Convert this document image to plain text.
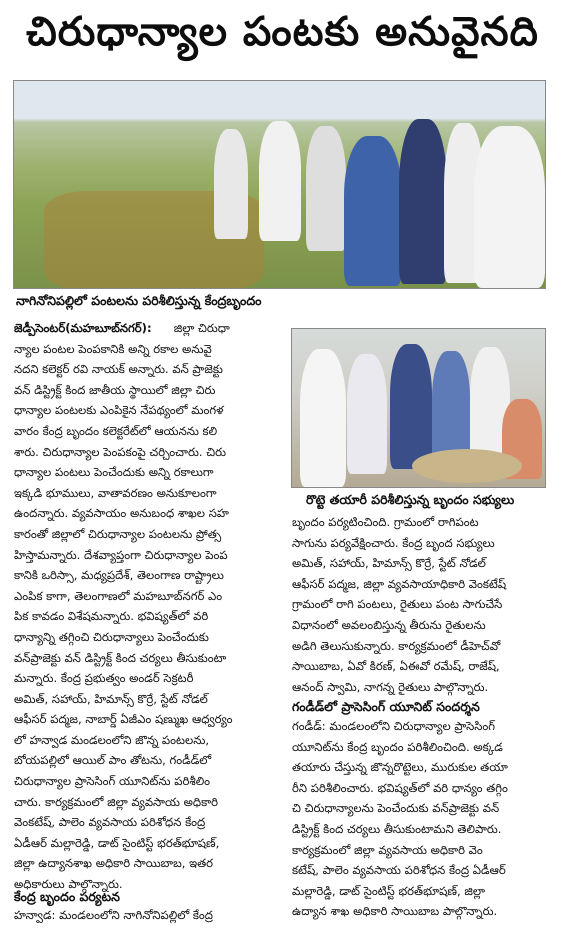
చిరుధాన్యాల పంటకు అనువైనది
నాగినోనిపల్లిలో పంటలను పరిశీలిస్తున్న కేంద్రబృందం
రొట్టె తయారీ పరిశీలిస్తున్న బృందం సభ్యులు

జెడ్పీసెంటర్(మహబూబ్‌నగర్): జిల్లా చిరుధా

న్యాల పంటల పెంపకానికి అన్ని రకాల అనువై

నదని కలెక్టర్ రవి నాయక్ అన్నారు. వన్ ప్రాజెక్టు

వన్ డిస్ట్రిక్ట్ కింద జాతీయ స్థాయిలో జిల్లా చిరు

ధాన్యాల పంటలకు ఎంపికైన నేపథ్యంలో మంగళ

వారం కేంద్ర బృందం కలెక్టరేట్‌లో ఆయనను కలి

శారు. చిరుధాన్యాల పెంపకంపై చర్చించారు. చిరు

ధాన్యాల పంటలు పెంచేందుకు అన్ని రకాలుగా

ఇక్కడి భూములు, వాతావరణం అనుకూలంగా

ఉందన్నారు. వ్యవసాయం అనుబంధ శాఖల సహ

కారంతో జిల్లాలో చిరుధాన్యాల పంటలను ప్రోత్స

హిస్తామన్నారు. దేశవ్యాప్తంగా చిరుధాన్యాల పెంప

కానికి ఒరిస్సా, మధ్యప్రదేశ్, తెలంగాణ రాష్ట్రాలు

ఎంపిక కాగా, తెలంగాణలో మహబూబ్‌నగర్ ఎం

పిక కావడం విశేషమన్నారు. భవిష్యత్‌లో వరి

ధాన్యాన్ని తగ్గించి చిరుధాన్యాలు పెంచేందుకు

వన్‌ప్రాజెక్టు వన్ డిస్ట్రిక్ట్ కింద చర్యలు తీసుకుంటా

మన్నారు. కేంద్ర ప్రభుత్వం అండర్ సెక్రటరీ

అమిత్, సహాయ్, హిమాన్స్ కొర్రే, స్టేట్ నోడల్

ఆఫీసర్ పద్మజ, నాబార్డ్ ఏజీఎం షణ్ముఖ ఆధ్వర్యం

లో హన్వాడ మండలంలోని జొన్న పంటలను,

బోయపల్లిలో ఆయిల్ పాం తోటను, గండీడ్‌లో

చిరుధాన్యాల ప్రాసెసింగ్ యూనిట్‌ను పరిశీలిం

చారు. కార్యక్రమంలో జిల్లా వ్యవసాయ అధికారి

వెంకటేష్, పాలెం వ్యవసాయ పరిశోధన కేంద్ర

ఏడీఆర్ మల్లారెడ్డి, డాట్ సైంటిస్ట్ భరత్‌భూషణ్,

జిల్లా ఉద్యానశాఖ అధికారి సాయిబాబ, ఇతర

అధికారులు పాల్గొన్నారు.

కేంద్ర బృందం పర్యటన

హన్వాడ: మండలంలోని నాగినోనిపల్లిలో కేంద్ర

బృందం పర్యటించింది. గ్రామంలో రాగిపంట

సాగును పర్యవేక్షించారు. కేంద్ర బృంద సభ్యులు

అమిత్, సహాయ్, హిమాన్స్ కొర్రే, స్టేట్ నోడల్

ఆఫీసర్ పద్మజ, జిల్లా వ్యవసాయాధికారి వెంకటేష్

గ్రామంలో రాగి పంటలు, రైతులు పంట సాగుచేసే

విధానంలో అవలంబిస్తున్న తీరును రైతులను

అడిగి తెలుసుకున్నారు. కార్యక్రమంలో డీహెచ్‌వో

సాయిబాబ, ఏవో కిరణ్, ఏఈవో రమేష్, రాజేష్,

ఆనంద్ స్వామి, నాగన్న రైతులు పాల్గొన్నారు.

గండీడ్‌లో ప్రాసెసింగ్ యూనిట్ సందర్శన

గండీడ్: మండలంలోని చిరుధాన్యాల ప్రాసెసింగ్

యూనిట్‌ను కేంద్ర బృందం పరిశీలించింది. అక్కడ

తయారు చేస్తున్న జొన్నరొట్టెలు, మురుకుల తయా

రీని పరిశీలించారు. భవిష్యత్‌లో వరి ధాన్యం తగ్గిం

చి చిరుధాన్యాలను పెంచేందుకు వన్‌ప్రాజెక్టు వన్

డిస్ట్రిక్ట్ కింద చర్యలు తీసుకుంటామని తెలిపారు.

కార్యక్రమంలో జిల్లా వ్యవసాయ అధికారి వెం

కటేష్, పాలెం వ్యవసాయ పరిశోధన కేంద్ర ఏడీఆర్

మల్లారెడ్డి, డాట్ సైంటిస్ట్ భరత్‌భూషణ్, జిల్లా

ఉద్యాన శాఖ అధికారి సాయిబాబ పాల్గొన్నారు.
